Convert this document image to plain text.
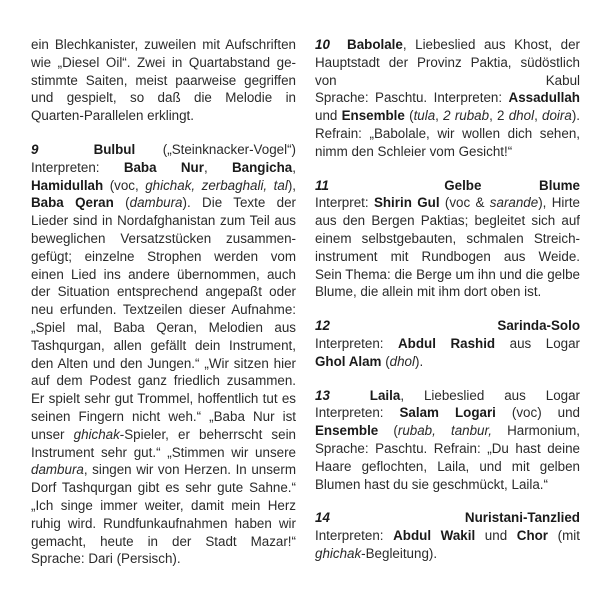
ein Blechkanister, zuweilen mit Aufschriften
wie „Diesel Oil“. Zwei in Quartabstand ge-
stimmte Saiten, meist paarweise gegriffen
und gespielt, so daß die Melodie in
Quarten-Parallelen erklingt.
9	Bulbul („Steinknacker-Vogel“)
Interpreten: Baba Nur, Bangicha,
Hamidullah (voc, ghichak, zerbaghali, tal),
Baba Qeran (dambura). Die Texte der
Lieder sind in Nordafghanistan zum Teil aus
beweglichen Versatzstücken zusammen-
gefügt; einzelne Strophen werden vom
einen Lied ins andere übernommen, auch
der Situation entsprechend angepaßt oder
neu erfunden. Textzeilen dieser Aufnahme:
„Spiel mal, Baba Qeran, Melodien aus
Tashqurgan, allen gefällt dein Instrument,
den Alten und den Jungen.“ „Wir sitzen hier
auf dem Podest ganz friedlich zusammen.
Er spielt sehr gut Trommel, hoffentlich tut es
seinen Fingern nicht weh.“ „Baba Nur ist
unser ghichak-Spieler, er beherrscht sein
Instrument sehr gut.“ „Stimmen wir unsere
dambura, singen wir von Herzen. In unserm
Dorf Tashqurgan gibt es sehr gute Sahne.“
„Ich singe immer weiter, damit mein Herz
ruhig wird. Rundfunkaufnahmen haben wir
gemacht, heute in der Stadt Mazar!“
Sprache: Dari (Persisch).
10 Babolale, Liebeslied aus Khost, der
Hauptstadt der Provinz Paktia, südöstlich
von Kabul
Sprache: Paschtu. Interpreten: Assadullah
und Ensemble (tula, 2 rubab, 2 dhol, doira).
Refrain: „Babolale, wir wollen dich sehen,
nimm den Schleier vom Gesicht!“
11	Gelbe Blume
Interpret: Shirin Gul (voc & sarande), Hirte
aus den Bergen Paktias; begleitet sich auf
einem selbstgebauten, schmalen Streich-
instrument mit Rundbogen aus Weide.
Sein Thema: die Berge um ihn und die gelbe
Blume, die allein mit ihm dort oben ist.
12	Sarinda-Solo
Interpreten: Abdul Rashid aus Logar
Ghol Alam (dhol).
13	Laila, Liebeslied aus Logar
Interpreten: Salam Logari (voc) und
Ensemble (rubab, tanbur, Harmonium,
Sprache: Paschtu. Refrain: „Du hast deine
Haare geflochten, Laila, und mit gelben
Blumen hast du sie geschmückt, Laila.“
14	Nuristani-Tanzlied
Interpreten: Abdul Wakil und Chor (mit
ghichak-Begleitung).
